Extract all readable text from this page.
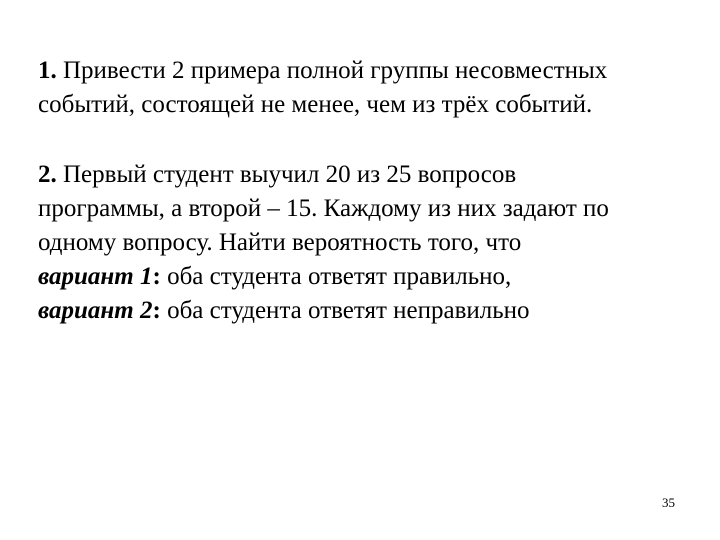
1. Привести 2 примера полной группы несовместных
событий, состоящей не менее, чем из трёх событий.
2. Первый студент выучил 20 из 25 вопросов
программы, а второй – 15. Каждому из них задают по
одному вопросу. Найти вероятность того, что
вариант 1: оба студента ответят правильно,
вариант 2: оба студента ответят неправильно
35
